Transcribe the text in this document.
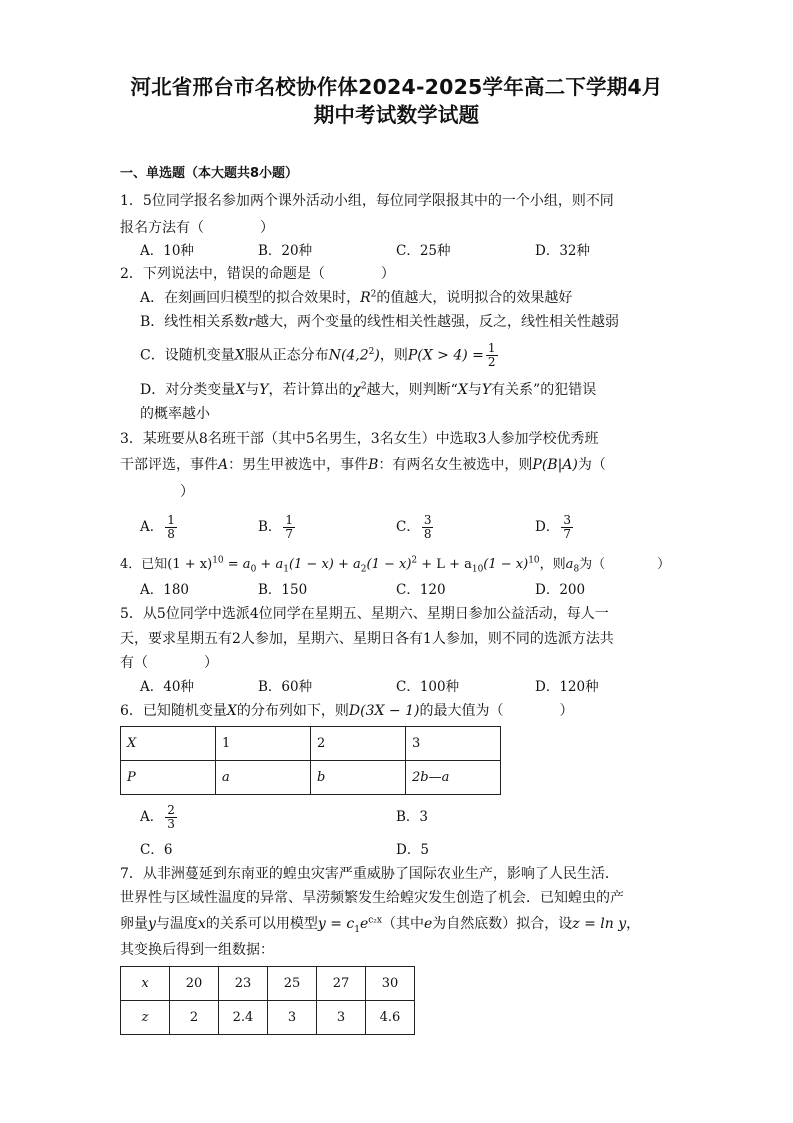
河北省邢台市名校协作体2024-2025学年高二下学期4月
期中考试数学试题
一、单选题（本大题共8小题）
1．5位同学报名参加两个课外活动小组，每位同学限报其中的一个小组，则不同
报名方法有（　　　　）
A．10种	B．20种	C．25种	D．32种
2．下列说法中，错误的命题是（　　　　）
A．在刻画回归模型的拟合效果时，$R^2$的值越大，说明拟合的效果越好
B．线性相关系数r越大，两个变量的线性相关性越强，反之，线性相关性越弱
C．设随机变量X服从正态分布$N(4,2^2)$，则$P(X > 4) = \frac{1}{2}$
D．对分类变量X与Y，若计算出的$\chi^2$越大，则判断“X与Y有关系”的犯错误
的概率越小
3．某班要从8名班干部（其中5名男生，3名女生）中选取3人参加学校优秀班
干部评选，事件A：男生甲被选中，事件B：有两名女生被选中，则P(B|A)为（
）
A． $\frac{1}{8}$	B． $\frac{1}{7}$	C． $\frac{3}{8}$	D． $\frac{3}{7}$
4．已知$(1 + x)^{10} = a_0 + a_1(1 - x) + a_2(1 - x)^2 + L + a_{10}(1 - x)^{10}$，则$a_8$为（　　　　）
A．180	B．150	C．120	D．200
5．从5位同学中选派4位同学在星期五、星期六、星期日参加公益活动，每人一
天，要求星期五有2人参加，星期六、星期日各有1人参加，则不同的选派方法共
有（　　　　）
A．40种	B．60种	C．100种	D．120种
6．已知随机变量X的分布列如下，则D(3X − 1)的最大值为（　　　　）
X	1	2	3
P	a	b	2b—a
A． $\frac{2}{3}$	B．3
C．6	D．5
7．从非洲蔓延到东南亚的蝗虫灾害严重威胁了国际农业生产，影响了人民生活．
世界性与区域性温度的异常、旱涝频繁发生给蝗灾发生创造了机会．已知蝗虫的产
卵量y与温度x的关系可以用模型$y = c_1e^{c_2x}$（其中e为自然底数）拟合，设z = ln y，
其变换后得到一组数据：
x	20	23	25	27	30
z	2	2.4	3	3	4.6
